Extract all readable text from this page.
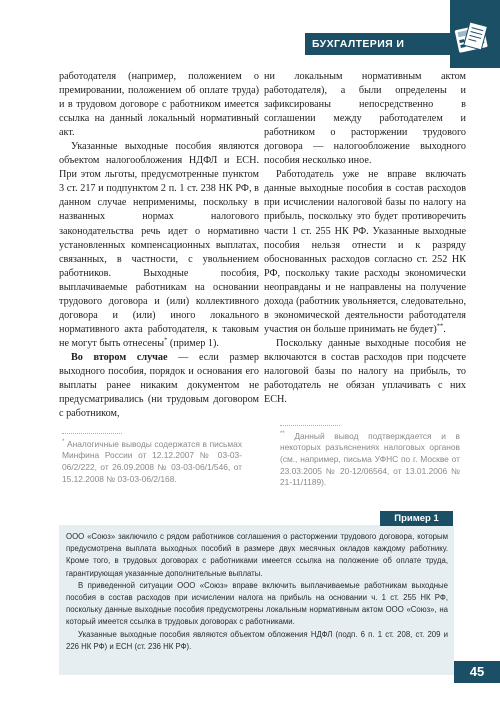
БУХГАЛТЕРИЯ И КАДРЫ

работодателя (например, положением о премировании, положением об оплате труда) и в трудовом договоре с работником имеется ссылка на данный локальный нормативный акт.

Указанные выходные пособия являются объектом налогообложения НДФЛ и ЕСН. При этом льготы, предусмотренные пунктом 3 ст. 217 и подпунктом 2 п. 1 ст. 238 НК РФ, в данном случае неприменимы, поскольку в названных нормах налогового законодательства речь идет о нормативно установленных компенсационных выплатах, связанных, в частности, с увольнением работников. Выходные пособия, выплачиваемые работникам на основании трудового договора и (или) коллективного договора и (или) иного локального нормативного акта работодателя, к таковым не могут быть отнесены* (пример 1).

Во втором случае — если размер выходного пособия, порядок и основания его выплаты ранее никаким документом не предусматривались (ни трудовым договором с работником,

ни локальным нормативным актом работодателя), а были определены и зафиксированы непосредственно в соглашении между работодателем и работником о расторжении трудового договора — налогообложение выходного пособия несколько иное.

Работодатель уже не вправе включать данные выходные пособия в состав расходов при исчислении налоговой базы по налогу на прибыль, поскольку это будет противоречить части 1 ст. 255 НК РФ. Указанные выходные пособия нельзя отнести и к разряду обоснованных расходов согласно ст. 252 НК РФ, поскольку такие расходы экономически неоправданы и не направлены на получение дохода (работник увольняется, следовательно, в экономической деятельности работодателя участия он больше принимать не будет)**.

Поскольку данные выходные пособия не включаются в состав расходов при подсчете налоговой базы по налогу на прибыль, то работодатель не обязан уплачивать с них ЕСН.

* Аналогичные выводы содержатся в письмах Минфина России от 12.12.2007 № 03-03-06/2/222, от 26.09.2008 № 03-03-06/1/546, от 15.12.2008 № 03-03-06/2/168.
** Данный вывод подтверждается и в некоторых разъяснениях налоговых органов (см., например, письма УФНС по г. Москве от 23.03.2005 № 20-12/06564, от 13.01.2006 № 21-11/1189).
Пример 1

ООО «Союз» заключило с рядом работников соглашения о расторжении трудового договора, которым предусмотрена выплата выходных пособий в размере двух месячных окладов каждому работнику. Кроме того, в трудовых договорах с работниками имеется ссылка на положение об оплате труда, гарантирующая указанные дополнительные выплаты.

В приведенной ситуации ООО «Союз» вправе включить выплачиваемые работникам выходные пособия в состав расходов при исчислении налога на прибыль на основании ч. 1 ст. 255 НК РФ, поскольку данные выходные пособия предусмотрены локальным нормативным актом ООО «Союз», на который имеется ссылка в трудовых договорах с работниками.

Указанные выходные пособия являются объектом обложения НДФЛ (подп. 6 п. 1 ст. 208, ст. 209 и 226 НК РФ) и ЕСН (ст. 236 НК РФ).

45
